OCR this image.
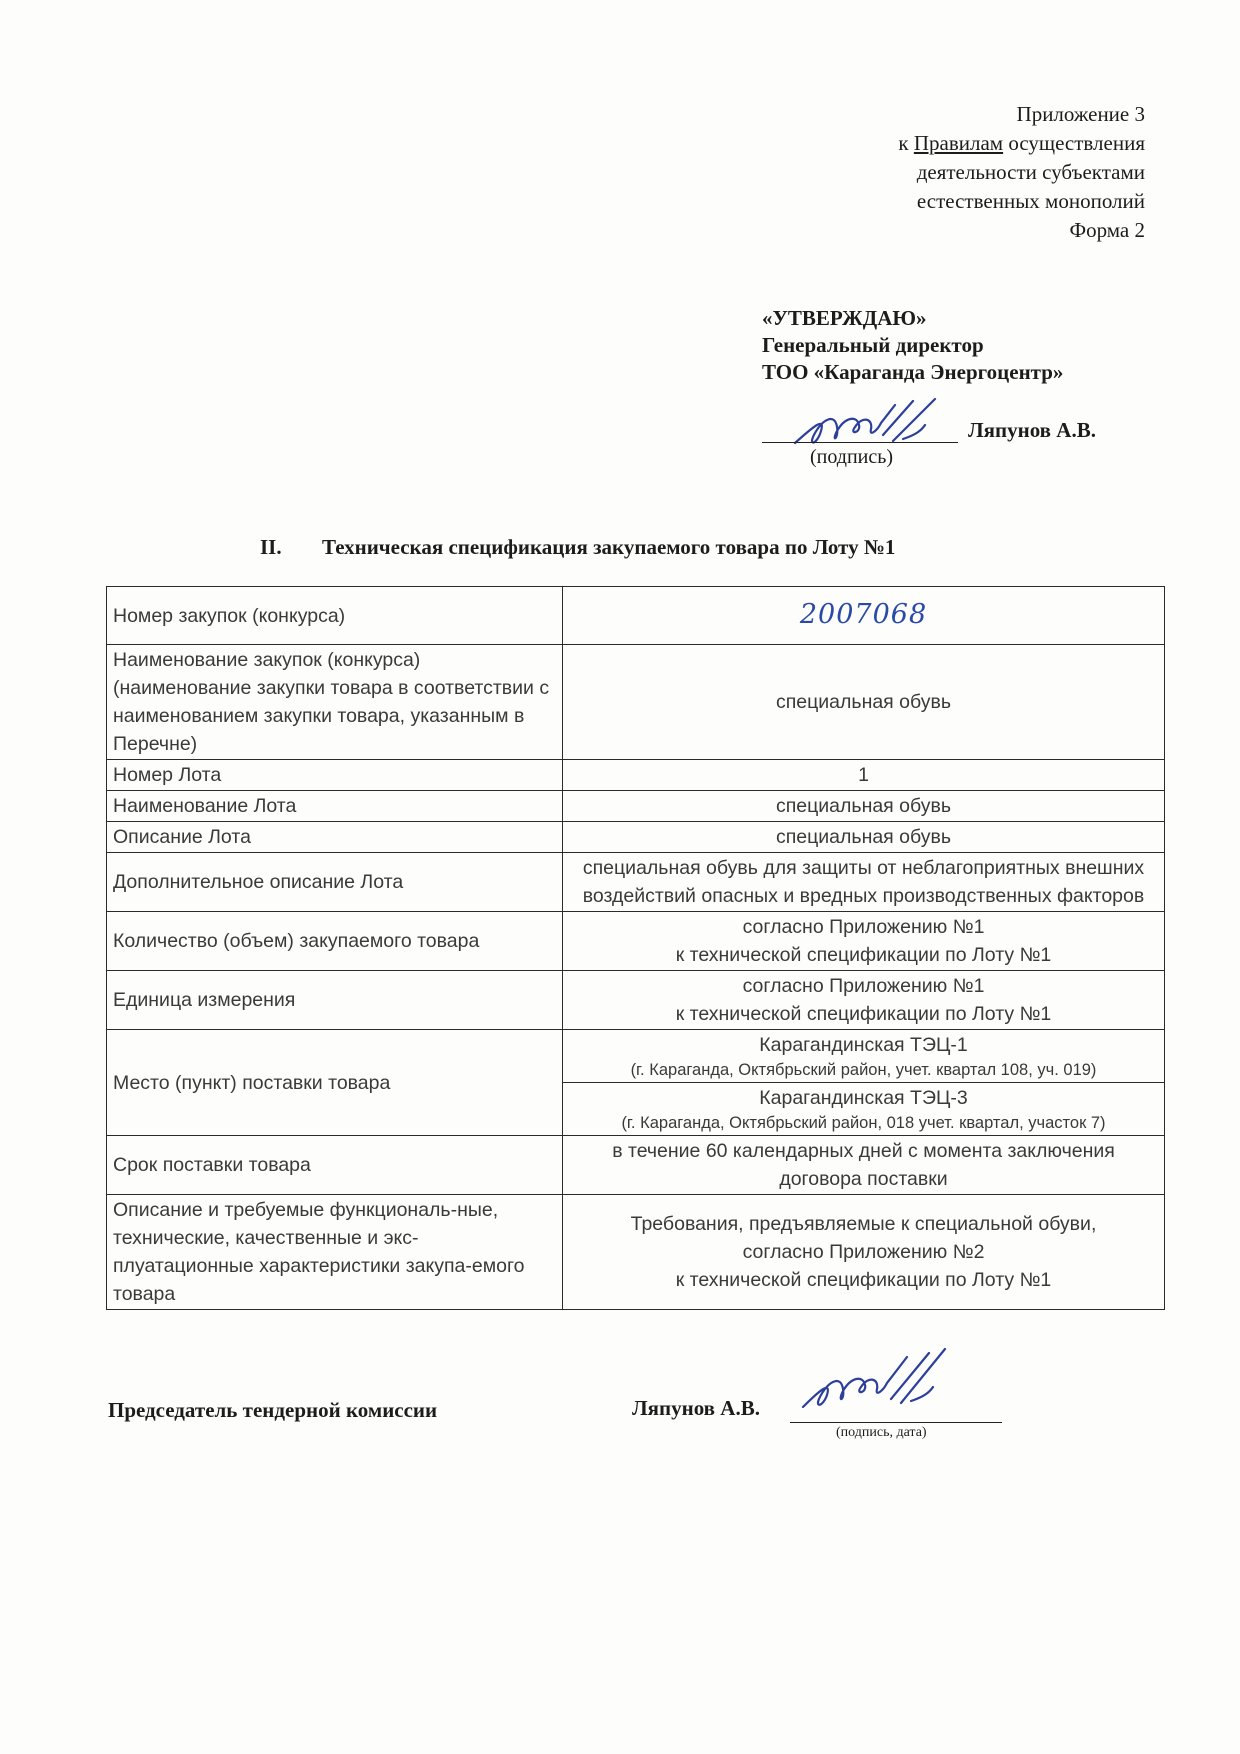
Приложение 3
к Правилам осуществления
деятельности субъектами
естественных монополий
Форма 2
«УТВЕРЖДАЮ»
Генеральный директор
ТОО «Караганда Энергоцентр»
Ляпунов А.В.
(подпись)
II. Техническая спецификация закупаемого товара по Лоту №1
Номер закупок (конкурса)	2007068
Наименование закупок (конкурса) (наименование закупки товара в соответствии с наименованием закупки товара, указанным в Перечне)	специальная обувь
Номер Лота	1
Наименование Лота	специальная обувь
Описание Лота	специальная обувь
Дополнительное описание Лота	специальная обувь для защиты от неблагоприятных внешних воздействий опасных и вредных производственных факторов
Количество (объем) закупаемого товара	согласно Приложению №1
к технической спецификации по Лоту №1

Единица измерения	согласно Приложению №1
к технической спецификации по Лоту №1

Место (пункт) поставки товара	Карагандинская ТЭЦ-1
(г. Караганда, Октябрьский район, учет. квартал 108, уч. 019)

	Карагандинская ТЭЦ-3
(г. Караганда, Октябрьский район, 018 учет. квартал, участок 7)

Срок поставки товара	в течение 60 календарных дней с момента заключения договора поставки
Описание и требуемые функциональ-ные, технические, качественные и экс-плуатационные характеристики закупа-емого товара	Требования, предъявляемые к специальной обуви,
согласно Приложению №2
к технической спецификации по Лоту №1
Председатель тендерной комиссии	Ляпунов А.В.
(подпись, дата)
